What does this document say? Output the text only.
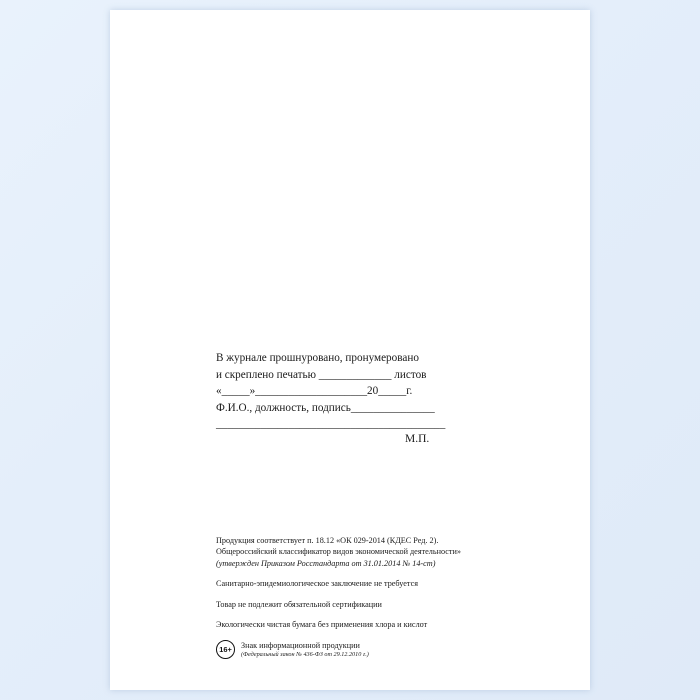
В журнале прошнуровано, пронумеровано
и скреплено печатью _____________ листов
«_____»____________________20_____г.
Ф.И.О., должность, подпись_______________
_________________________________________
М.П.
Продукция соответствует п. 18.12 «ОК 029-2014 (КДЕС Ред. 2).
Общероссийский классификатор видов экономической деятельности»
(утвержден Приказом Росстандарта от 31.01.2014 № 14-ст)
Санитарно-эпидемиологическое заключение не требуется
Товар не подлежит обязательной сертификации
Экологически чистая бумага без применения хлора и кислот
16+	Знак информационной продукции
(Федеральный закон № 436-ФЗ от 29.12.2010 г.)
